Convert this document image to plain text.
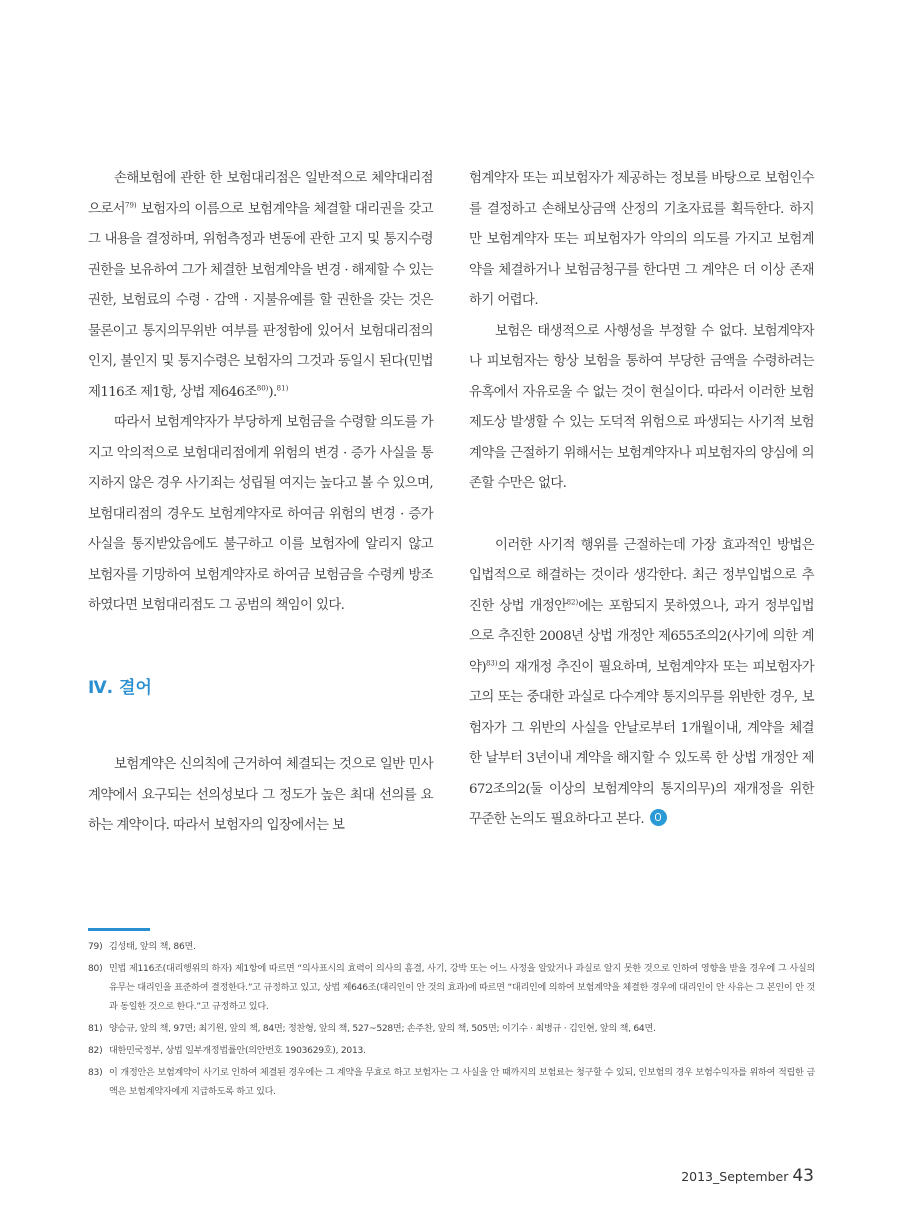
손해보험에 관한 한 보험대리점은 일반적으로 체약대리점으로서$^{79)}$ 보험자의 이름으로 보험계약을 체결할 대리권을 갖고 그 내용을 결정하며, 위험측정과 변동에 관한 고지 및 통지수령권한을 보유하여 그가 체결한 보험계약을 변경 · 해제할 수 있는 권한, 보험료의 수령 · 감액 · 지불유예를 할 권한을 갖는 것은 물론이고 통지의무위반 여부를 판정함에 있어서 보험대리점의 인지, 불인지 및 통지수령은 보험자의 그것과 동일시 된다(민법 제116조 제1항, 상법 제646조$^{80)}$).$^{81)}$

따라서 보험계약자가 부당하게 보험금을 수령할 의도를 가지고 악의적으로 보험대리점에게 위험의 변경 · 증가 사실을 통지하지 않은 경우 사기죄는 성립될 여지는 높다고 볼 수 있으며, 보험대리점의 경우도 보험계약자로 하여금 위험의 변경 · 증가 사실을 통지받았음에도 불구하고 이를 보험자에 알리지 않고 보험자를 기망하여 보험계약자로 하여금 보험금을 수령케 방조하였다면 보험대리점도 그 공범의 책임이 있다.

Ⅳ. 결어

보험계약은 신의칙에 근거하여 체결되는 것으로 일반 민사계약에서 요구되는 선의성보다 그 정도가 높은 최대 선의를 요하는 계약이다. 따라서 보험자의 입장에서는 보

험계약자 또는 피보험자가 제공하는 정보를 바탕으로 보험인수를 결정하고 손해보상금액 산정의 기초자료를 획득한다. 하지만 보험계약자 또는 피보험자가 악의의 의도를 가지고 보험계약을 체결하거나 보험금청구를 한다면 그 계약은 더 이상 존재하기 어렵다.

보험은 태생적으로 사행성을 부정할 수 없다. 보험계약자나 피보험자는 항상 보험을 통하여 부당한 금액을 수령하려는 유혹에서 자유로울 수 없는 것이 현실이다. 따라서 이러한 보험제도상 발생할 수 있는 도덕적 위험으로 파생되는 사기적 보험계약을 근절하기 위해서는 보험계약자나 피보험자의 양심에 의존할 수만은 없다.

이러한 사기적 행위를 근절하는데 가장 효과적인 방법은 입법적으로 해결하는 것이라 생각한다. 최근 정부입법으로 추진한 상법 개정안$^{82)}$에는 포함되지 못하였으나, 과거 정부입법으로 추진한 2008년 상법 개정안 제655조의2(사기에 의한 계약)$^{83)}$의 재개정 추진이 필요하며, 보험계약자 또는 피보험자가 고의 또는 중대한 과실로 다수계약 통지의무를 위반한 경우, 보험자가 그 위반의 사실을 안날로부터 1개월이내, 계약을 체결한 날부터 3년이내 계약을 해지할 수 있도록 한 상법 개정안 제672조의2(둘 이상의 보험계약의 통지의무)의 재개정을 위한 꾸준한 논의도 필요하다고 본다.

79) 김성태, 앞의 책, 86면.
80) 민법 제116조(대리행위의 하자) 제1항에 따르면 “의사표시의 효력이 의사의 흠결, 사기, 강박 또는 어느 사정을 알았거나 과실로 알지 못한 것으로 인하여 영향을 받을 경우에 그 사실의 유무는 대리인을 표준하여 결정한다.”고 규정하고 있고, 상법 제646조(대리인이 안 것의 효과)에 따르면 “대리인에 의하여 보험계약을 체결한 경우에 대리인이 안 사유는 그 본인이 안 것과 동일한 것으로 한다.”고 규정하고 있다.
81) 양승규, 앞의 책, 97면; 최기원, 앞의 책, 84면; 정찬형, 앞의 책, 527~528면; 손주찬, 앞의 책, 505면; 이기수 · 최병규 · 김인현, 앞의 책, 64면.
82) 대한민국정부, 상법 일부개정법률안(의안번호 1903629호), 2013.
83) 이 개정안은 보험계약이 사기로 인하여 체결된 경우에는 그 계약을 무효로 하고 보험자는 그 사실을 안 때까지의 보험료는 청구할 수 있되, 인보험의 경우 보험수익자를 위하여 적립한 금액은 보험계약자에게 지급하도록 하고 있다.
2013_September 43
